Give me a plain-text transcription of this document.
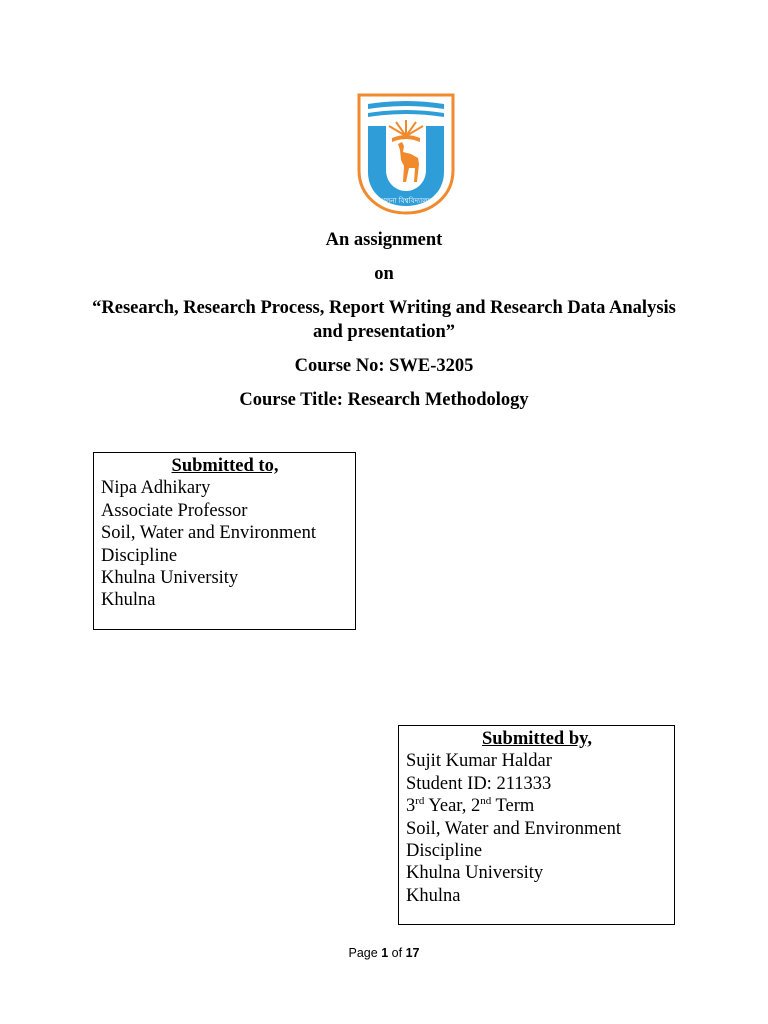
খুলনা বিশ্ববিদ্যালয়
An assignment
on
“Research, Research Process, Report Writing and Research Data Analysis and presentation”
Course No: SWE-3205
Course Title: Research Methodology
Submitted to,
Nipa Adhikary
Associate Professor
Soil, Water and Environment Discipline
Khulna University
Khulna
Submitted by,
Sujit Kumar Haldar
Student ID: 211333
3rd Year, 2nd Term
Soil, Water and Environment Discipline
Khulna University
Khulna
Page 1 of 17
